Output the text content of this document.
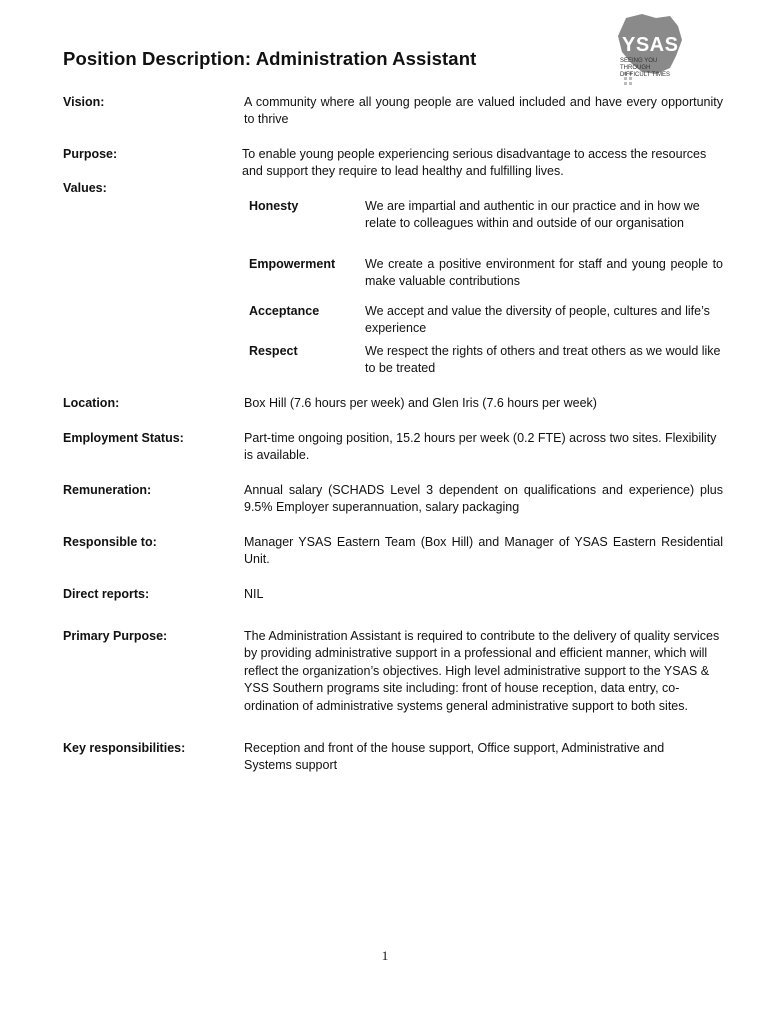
Position Description: Administration Assistant
YSAS
SEEING YOU THROUGH DIFFICULT TIMES
Vision:	A community where all young people are valued included and have every opportunity to thrive
Purpose:	To enable young people experiencing serious disadvantage to access the resources and support they require to lead healthy and fulfilling lives.
Values:
Honesty	We are impartial and authentic in our practice and in how we relate to colleagues within and outside of our organisation
Empowerment We create a positive environment for staff and young people to make valuable contributions
Acceptance	We accept and value the diversity of people, cultures and life’s experience
Respect	We respect the rights of others and treat others as we would like to be treated
Location:	Box Hill (7.6 hours per week) and Glen Iris (7.6 hours per week)
Employment Status:	Part-time ongoing position, 15.2 hours per week (0.2 FTE) across two sites. Flexibility is available.
Remuneration:	Annual salary (SCHADS Level 3 dependent on qualifications and experience) plus 9.5% Employer superannuation, salary packaging
Responsible to:	Manager YSAS Eastern Team (Box Hill) and Manager of YSAS Eastern Residential Unit.
Direct reports:	NIL
Primary Purpose:	The Administration Assistant is required to contribute to the delivery of quality services by providing administrative support in a professional and efficient manner, which will reflect the organization’s objectives. High level administrative support to the YSAS & YSS Southern programs site including: front of house reception, data entry, co-ordination of administrative systems general administrative support to both sites.
Key responsibilities:	Reception and front of the house support, Office support, Administrative and Systems support
1
